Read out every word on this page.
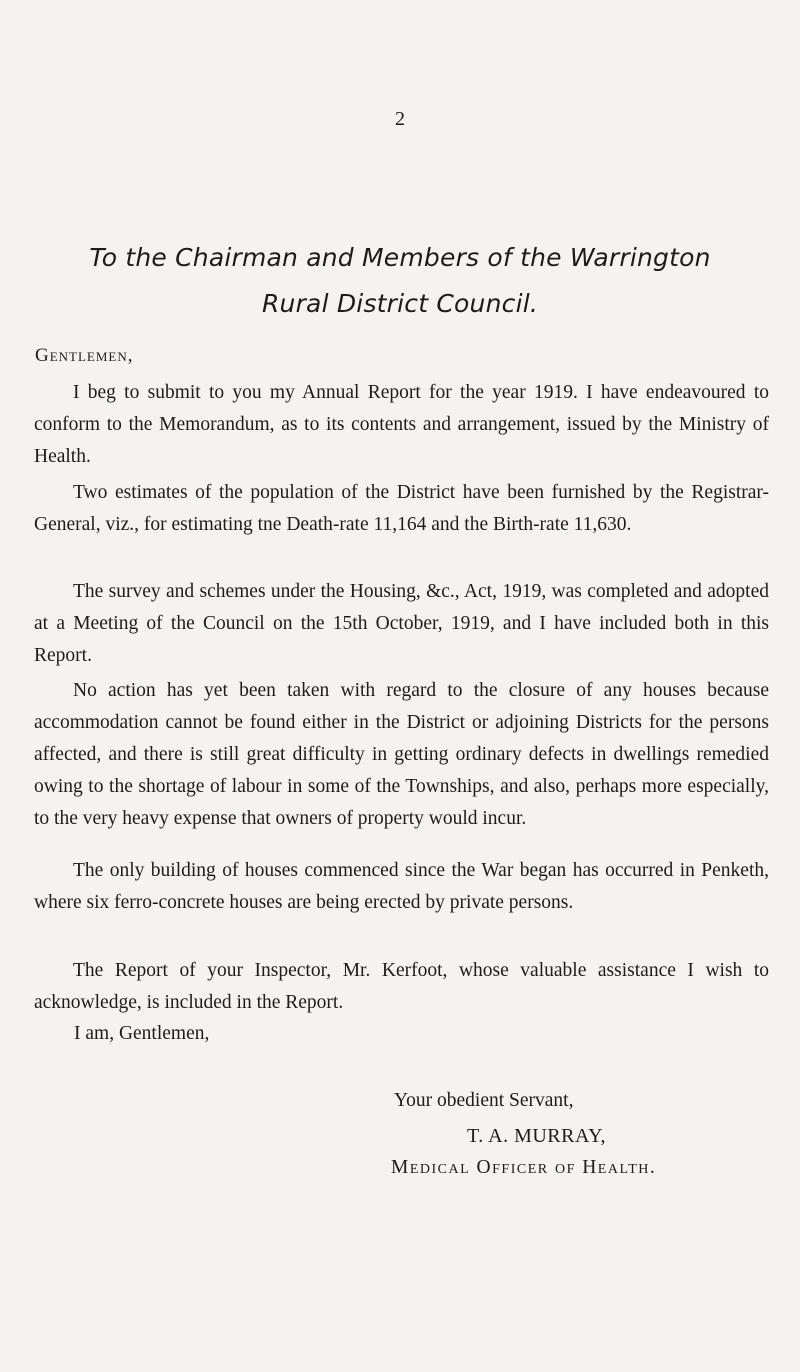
2
To the Chairman and Members of the Warrington
Rural District Council.
Gentlemen,

I beg to submit to you my Annual Report for the year 1919. I have endeavoured to conform to the Memorandum, as to its contents and arrangement, issued by the Ministry of Health.

Two estimates of the population of the District have been furnished by the Registrar-General, viz., for estimating tne Death-rate 11,164 and the Birth-rate 11,630.

The survey and schemes under the Housing, &c., Act, 1919, was completed and adopted at a Meeting of the Council on the 15th October, 1919, and I have included both in this Report.

No action has yet been taken with regard to the closure of any houses because accommodation cannot be found either in the District or adjoining Districts for the persons affected, and there is still great difficulty in getting ordinary defects in dwellings remedied owing to the shortage of labour in some of the Townships, and also, perhaps more especially, to the very heavy expense that owners of property would incur.

The only building of houses commenced since the War began has occurred in Penketh, where six ferro-concrete houses are being erected by private persons.

The Report of your Inspector, Mr. Kerfoot, whose valuable assistance I wish to acknowledge, is included in the Report.

I am, Gentlemen,
Your obedient Servant,
T. A. MURRAY,
Medical Officer of Health.
